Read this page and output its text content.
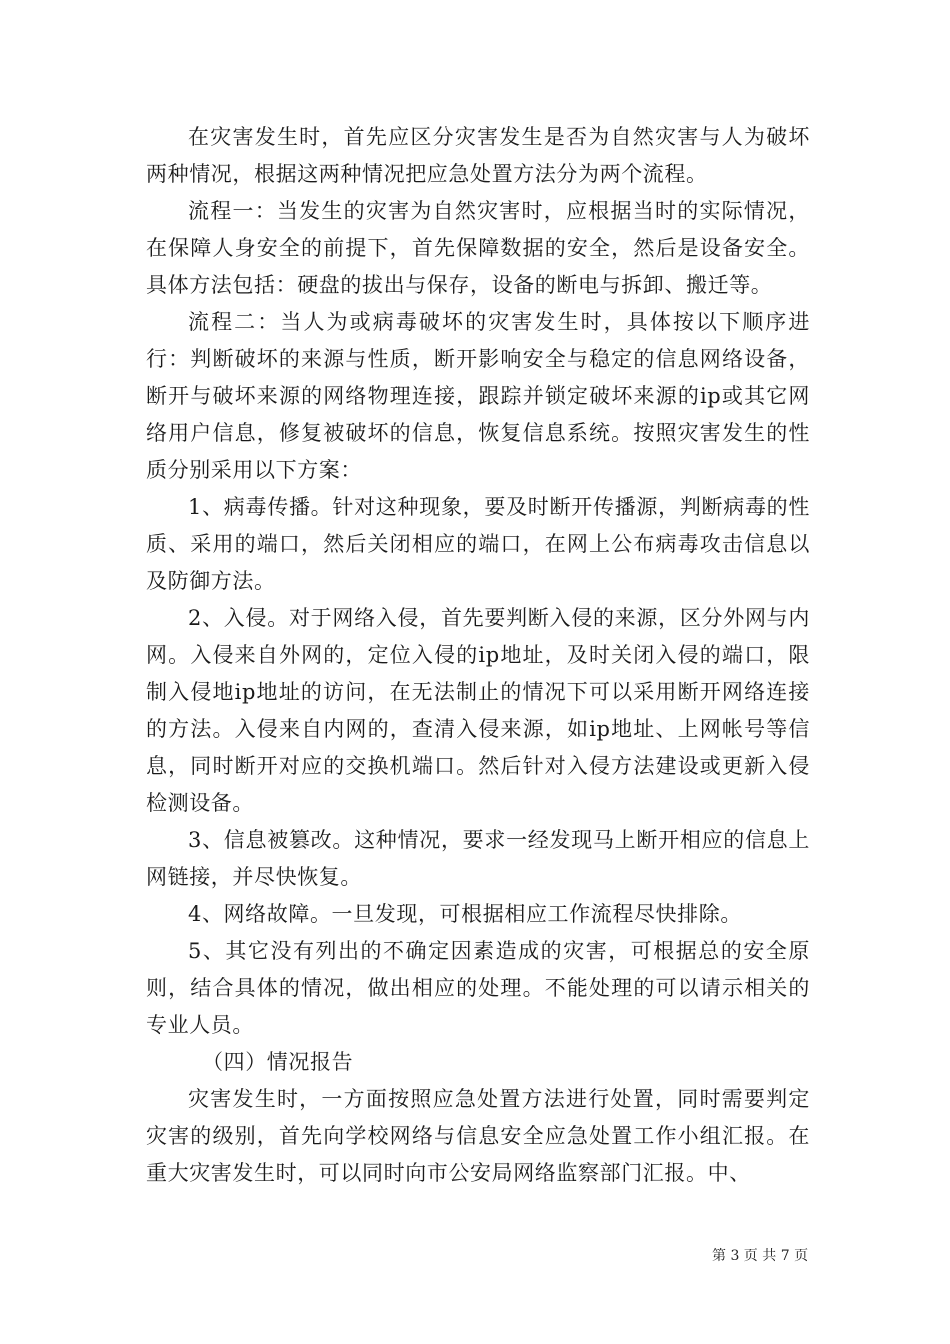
在灾害发生时，首先应区分灾害发生是否为自然灾害与人为破坏两种情况，根据这两种情况把应急处置方法分为两个流程。

流程一：当发生的灾害为自然灾害时，应根据当时的实际情况，在保障人身安全的前提下，首先保障数据的安全，然后是设备安全。具体方法包括：硬盘的拔出与保存，设备的断电与拆卸、搬迁等。

流程二：当人为或病毒破坏的灾害发生时，具体按以下顺序进行：判断破坏的来源与性质，断开影响安全与稳定的信息网络设备，断开与破坏来源的网络物理连接，跟踪并锁定破坏来源的ip或其它网络用户信息，修复被破坏的信息，恢复信息系统。按照灾害发生的性质分别采用以下方案：

1、病毒传播。针对这种现象，要及时断开传播源，判断病毒的性质、采用的端口，然后关闭相应的端口，在网上公布病毒攻击信息以及防御方法。

2、入侵。对于网络入侵，首先要判断入侵的来源，区分外网与内网。入侵来自外网的，定位入侵的ip地址，及时关闭入侵的端口，限制入侵地ip地址的访问，在无法制止的情况下可以采用断开网络连接的方法。入侵来自内网的，查清入侵来源，如ip地址、上网帐号等信息，同时断开对应的交换机端口。然后针对入侵方法建设或更新入侵检测设备。

3、信息被篡改。这种情况，要求一经发现马上断开相应的信息上网链接，并尽快恢复。

4、网络故障。一旦发现，可根据相应工作流程尽快排除。

5、其它没有列出的不确定因素造成的灾害，可根据总的安全原则，结合具体的情况，做出相应的处理。不能处理的可以请示相关的专业人员。

（四）情况报告

灾害发生时，一方面按照应急处置方法进行处置，同时需要判定灾害的级别，首先向学校网络与信息安全应急处置工作小组汇报。在重大灾害发生时，可以同时向市公安局网络监察部门汇报。中、

第 3 页 共 7 页
